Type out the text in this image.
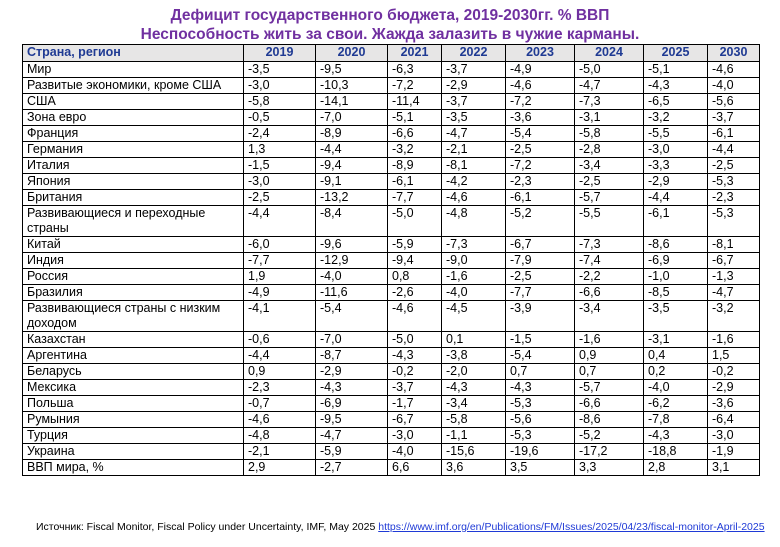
Дефицит государственного бюджета, 2019-2030гг. % ВВП
Неспособность жить за свои. Жажда залазить в чужие карманы.
Страна, регион	2019	2020	2021	2022	2023	2024	2025	2030
Мир	-3,5	-9,5	-6,3	-3,7	-4,9	-5,0	-5,1	-4,6
Развитые экономики, кроме США	-3,0	-10,3	-7,2	-2,9	-4,6	-4,7	-4,3	-4,0
США	-5,8	-14,1	-11,4	-3,7	-7,2	-7,3	-6,5	-5,6
Зона евро	-0,5	-7,0	-5,1	-3,5	-3,6	-3,1	-3,2	-3,7
Франция	-2,4	-8,9	-6,6	-4,7	-5,4	-5,8	-5,5	-6,1
Германия	1,3	-4,4	-3,2	-2,1	-2,5	-2,8	-3,0	-4,4
Италия	-1,5	-9,4	-8,9	-8,1	-7,2	-3,4	-3,3	-2,5
Япония	-3,0	-9,1	-6,1	-4,2	-2,3	-2,5	-2,9	-5,3
Британия	-2,5	-13,2	-7,7	-4,6	-6,1	-5,7	-4,4	-2,3
Развивающиеся и переходные страны	-4,4	-8,4	-5,0	-4,8	-5,2	-5,5	-6,1	-5,3
Китай	-6,0	-9,6	-5,9	-7,3	-6,7	-7,3	-8,6	-8,1
Индия	-7,7	-12,9	-9,4	-9,0	-7,9	-7,4	-6,9	-6,7
Россия	1,9	-4,0	0,8	-1,6	-2,5	-2,2	-1,0	-1,3
Бразилия	-4,9	-11,6	-2,6	-4,0	-7,7	-6,6	-8,5	-4,7
Развивающиеся страны с низким доходом	-4,1	-5,4	-4,6	-4,5	-3,9	-3,4	-3,5	-3,2
Казахстан	-0,6	-7,0	-5,0	0,1	-1,5	-1,6	-3,1	-1,6
Аргентина	-4,4	-8,7	-4,3	-3,8	-5,4	0,9	0,4	1,5
Беларусь	0,9	-2,9	-0,2	-2,0	0,7	0,7	0,2	-0,2
Мексика	-2,3	-4,3	-3,7	-4,3	-4,3	-5,7	-4,0	-2,9
Польша	-0,7	-6,9	-1,7	-3,4	-5,3	-6,6	-6,2	-3,6
Румыния	-4,6	-9,5	-6,7	-5,8	-5,6	-8,6	-7,8	-6,4
Турция	-4,8	-4,7	-3,0	-1,1	-5,3	-5,2	-4,3	-3,0
Украина	-2,1	-5,9	-4,0	-15,6	-19,6	-17,2	-18,8	-1,9
ВВП мира, %	2,9	-2,7	6,6	3,6	3,5	3,3	2,8	3,1
Источник: Fiscal Monitor, Fiscal Policy under Uncertainty, IMF, May 2025 https://www.imf.org/en/Publications/FM/Issues/2025/04/23/fiscal-monitor-April-2025
